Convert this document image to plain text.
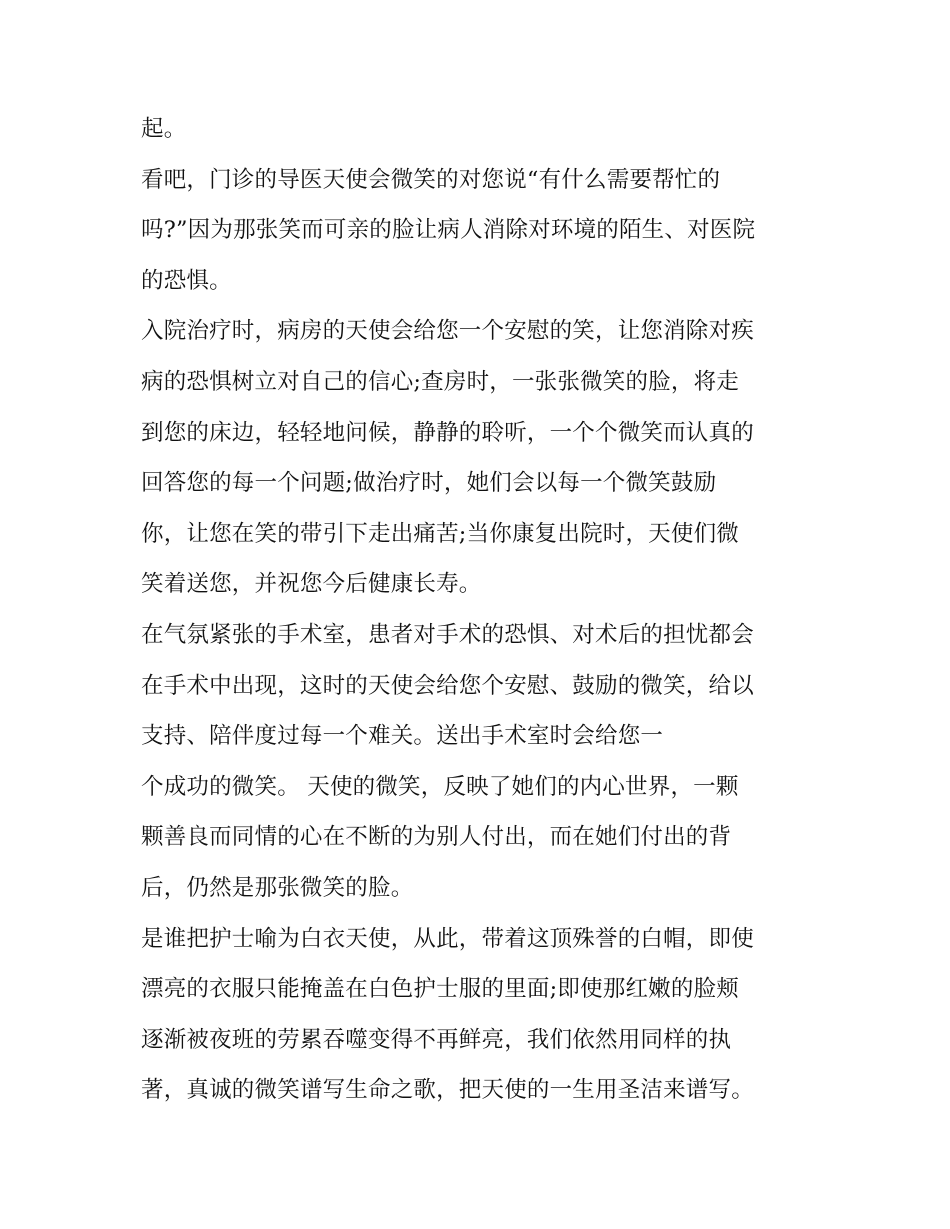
起。
看吧，门诊的导医天使会微笑的对您说“有什么需要帮忙的
吗?”因为那张笑而可亲的脸让病人消除对环境的陌生、对医院
的恐惧。
入院治疗时，病房的天使会给您一个安慰的笑，让您消除对疾
病的恐惧树立对自己的信心;查房时，一张张微笑的脸，将走
到您的床边，轻轻地问候，静静的聆听，一个个微笑而认真的
回答您的每一个问题;做治疗时，她们会以每一个微笑鼓励
你，让您在笑的带引下走出痛苦;当你康复出院时，天使们微
笑着送您，并祝您今后健康长寿。
在气氛紧张的手术室，患者对手术的恐惧、对术后的担忧都会
在手术中出现，这时的天使会给您个安慰、鼓励的微笑，给以
支持、陪伴度过每一个难关。送出手术室时会给您一
个成功的微笑。 天使的微笑，反映了她们的内心世界，一颗
颗善良而同情的心在不断的为别人付出，而在她们付出的背
后，仍然是那张微笑的脸。
是谁把护士喻为白衣天使，从此，带着这顶殊誉的白帽，即使
漂亮的衣服只能掩盖在白色护士服的里面;即使那红嫩的脸颊
逐渐被夜班的劳累吞噬变得不再鲜亮，我们依然用同样的执
著，真诚的微笑谱写生命之歌，把天使的一生用圣洁来谱写。
